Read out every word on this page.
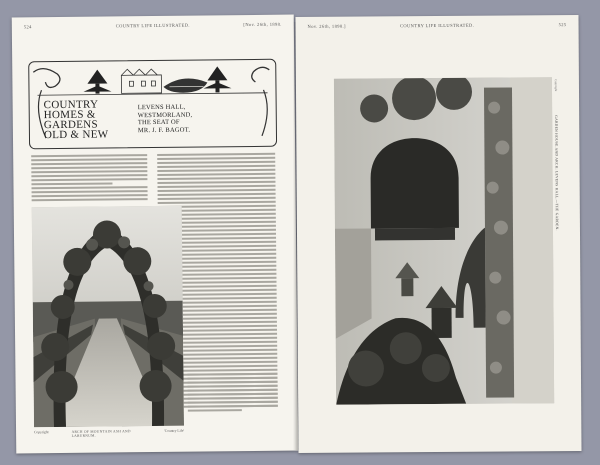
524	COUNTRY LIFE ILLUSTRATED.	[Nov. 26th, 1898.
COUNTRY
HOMES &
GARDENS
OLD & NEW
LEVENS HALL,
WESTMORLAND,
THE SEAT OF
MR. J. F. BAGOT.
Copyright	ARCH OF MOUNTAIN ASH AND LABURNUM.
'Country Life'
Nov. 26th, 1898.]	COUNTRY LIFE ILLUSTRATED.	525
Copyright
GARDEN HOUSE AND ARCH: LEVENS HALL.—THE GARDEN.
